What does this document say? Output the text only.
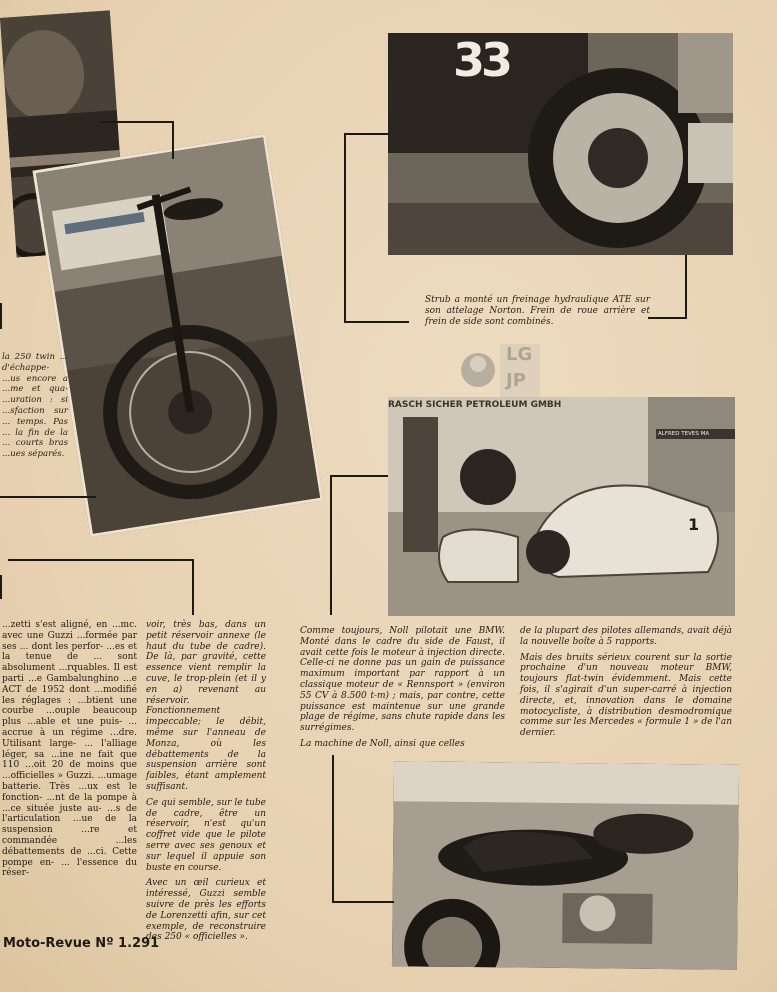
33
RASCH SICHER PETROLEUM GMBH
ALFRED TEVES MA
1
LG
JP
Strub a monté un freinage hydraulique ATE sur son attelage Norton. Frein de roue arrière et frein de side sont combinés.
la 250 twin ... d'échappe- ...us encore a ...me et qua- ...uration : si ...sfaction sur ... temps. Pas ... la fin de la ... courts bras ...ues séparés.

...zetti s'est aligné, en ...mc. avec une Guzzi ...formée par ses ... dont les perfor- ...es et la tenue de ... sont absolument ...rquables. Il est parti ...e Gambalunghino ...e ACT de 1952 dont ...modifié les réglages : ...btient une courbe ...ouple beaucoup plus ...able et une puis- ... accrue à un régime ...dre. Utilisant large- ... l'alliage léger, sa ...ine ne fait que 110 ...oit 20 de moins que ...officielles » Guzzi. ...umage batterie. Très ...ux est le fonction- ...nt de la pompe à ...ce située juste au- ...s de l'articulation ...ue de la suspension ...re et commandée ...les débattements de ...ci. Cette pompe en- ... l'essence du réser-

voir, très bas, dans un petit réservoir annexe (le haut du tube de cadre). De là, par gravité, cette essence vient remplir la cuve, le trop-plein (et il y en a) revenant au réservoir. Fonctionnement impeccable; le débit, même sur l'anneau de Monza, où les débattements de la suspension arrière sont faibles, étant amplement suffisant.

Ce qui semble, sur le tube de cadre, être un réservoir, n'est qu'un coffret vide que le pilote serre avec ses genoux et sur lequel il appuie son buste en course.

Avec un œil curieux et intéressé, Guzzi semble suivre de près les efforts de Lorenzetti afin, sur cet exemple, de reconstruire des 250 « officielles ».

Comme toujours, Noll pilotait une BMW. Monté dans le cadre du side de Faust, il avait cette fois le moteur à injection directe. Celle-ci ne donne pas un gain de puissance maximum important par rapport à un classique moteur de « Rennsport » (environ 55 CV à 8.500 t-m) ; mais, par contre, cette puissance est maintenue sur une grande plage de régime, sans chute rapide dans les surrégimes.

La machine de Noll, ainsi que celles

de la plupart des pilotes allemands, avait déjà la nouvelle boîte à 5 rapports.

Mais des bruits sérieux courent sur la sortie prochaine d'un nouveau moteur BMW, toujours flat-twin évidemment. Mais cette fois, il s'agirait d'un super-carré à injection directe, et, innovation dans le domaine motocycliste, à distribution desmodromique comme sur les Mercedes « formule 1 » de l'an dernier.

Moto-Revue Nº 1.291
